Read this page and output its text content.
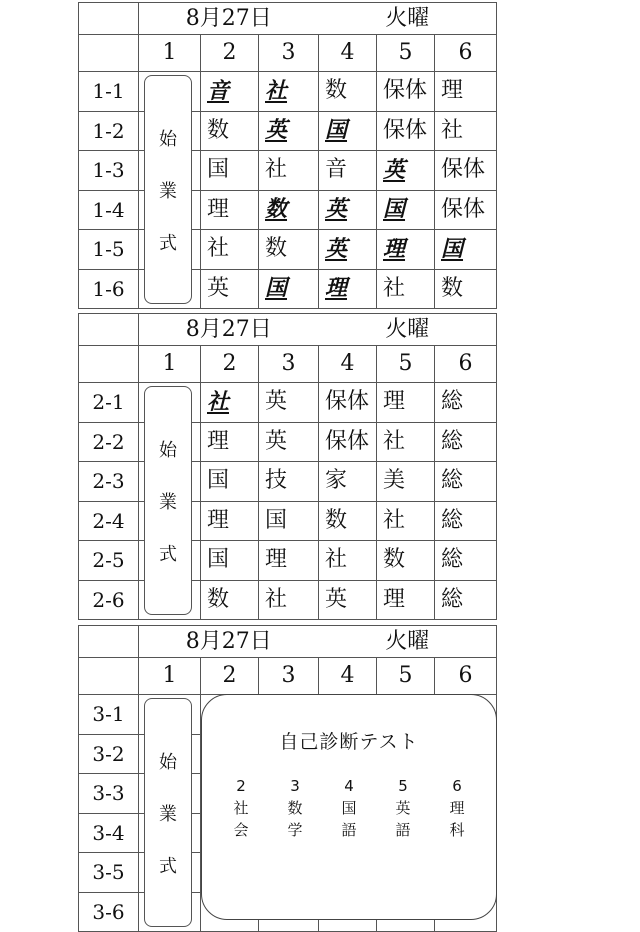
	8月27日			火曜		
	1	2	3	4	5	6
1-1		音	社	数	保体	理
1-2		数	英	国	保体	社
1-3		国	社	音	英	保体
1-4		理	数	英	国	保体
1-5		社	数	英	理	国
1-6		英	国	理	社	数
始
業
式
	8月27日			火曜		
	1	2	3	4	5	6
2-1		社	英	保体	理	総
2-2		理	英	保体	社	総
2-3		国	技	家	美	総
2-4		理	国	数	社	総
2-5		国	理	社	数	総
2-6		数	社	英	理	総
始
業
式
	8月27日			火曜		
	1	2	3	4	5	6
3-1						
3-2						
3-3						
3-4						
3-5						
3-6						
始
業
式
自己診断テスト
2
社
会
3
数
学
4
国
語
5
英
語
6
理
科
